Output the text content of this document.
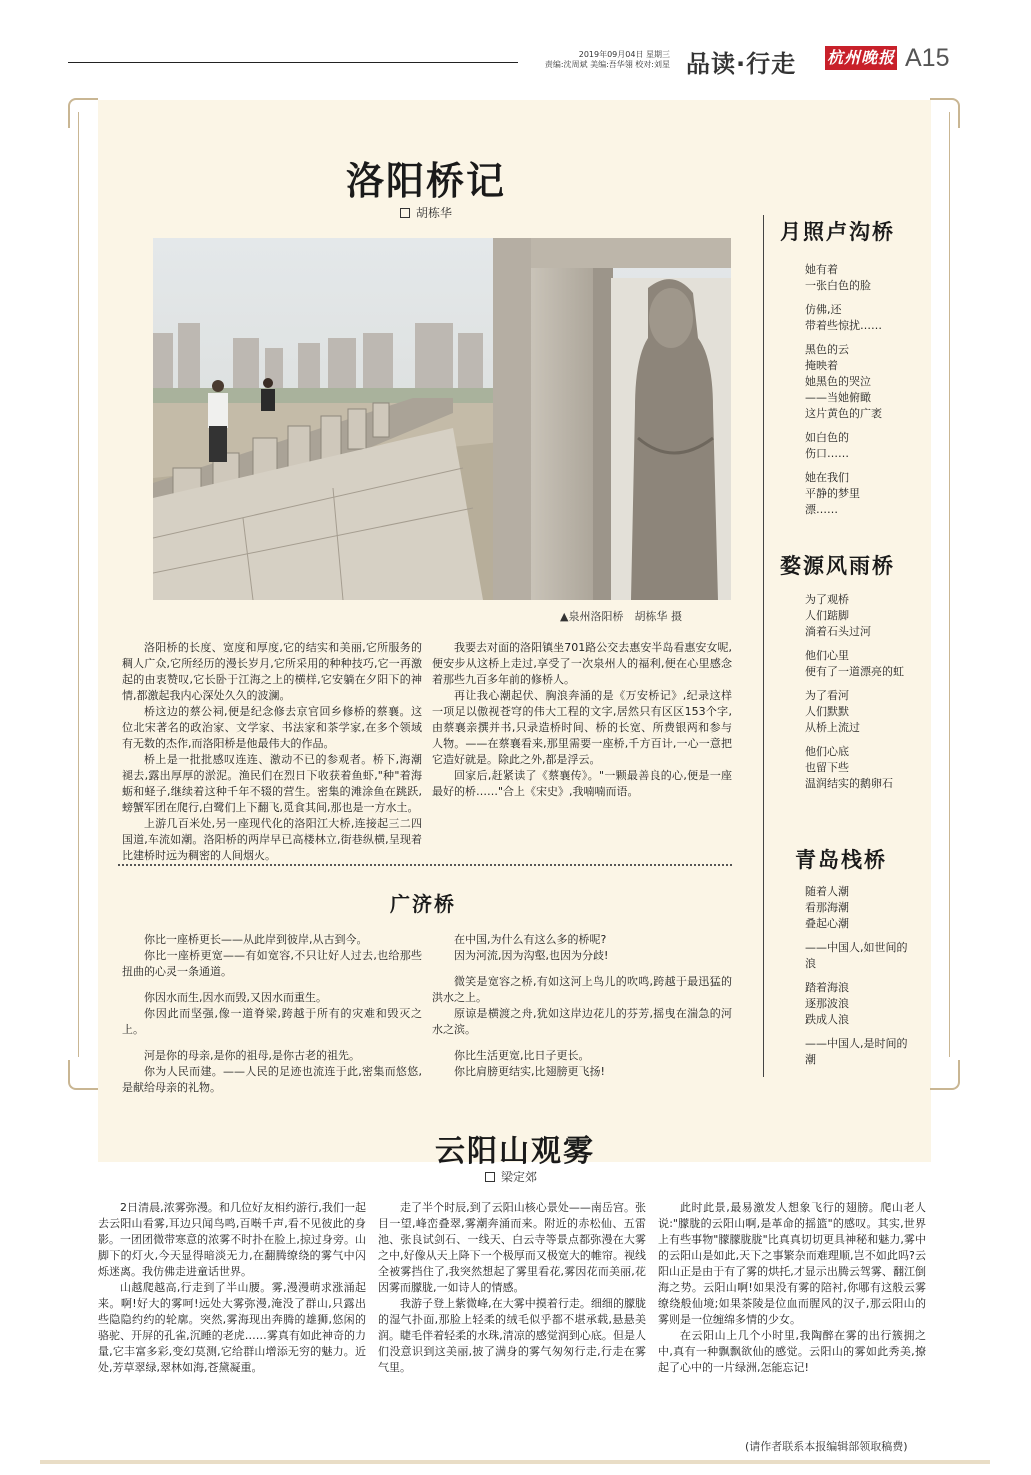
2019年09月04日 星期三
责编:沈周斌 美编:吾华翎 校对:刘星 品读·行走 杭州晚报 A15
洛阳桥记
胡栋华
▲泉州洛阳桥　胡栋华 摄

洛阳桥的长度、宽度和厚度,它的结实和美丽,它所服务的稠人广众,它所经历的漫长岁月,它所采用的种种技巧,它一再激起的由衷赞叹,它长卧于江海之上的横样,它安躺在夕阳下的神情,都激起我内心深处久久的波澜。

桥这边的蔡公祠,便是纪念修去京官回乡修桥的蔡襄。这位北宋著名的政治家、文学家、书法家和茶学家,在多个领域有无数的杰作,而洛阳桥是他最伟大的作品。

桥上是一批批感叹连连、激动不已的参观者。桥下,海潮褪去,露出厚厚的淤泥。渔民们在烈日下收获着鱼虾,"种"着海蛎和蛏子,继续着这种千年不辍的营生。密集的滩涂鱼在跳跃,螃蟹军团在爬行,白鹭们上下翻飞,觅食其间,那也是一方水土。

上游几百米处,另一座现代化的洛阳江大桥,连接起三二四国道,车流如潮。洛阳桥的两岸早已高楼林立,街巷纵横,呈现着比建桥时远为稠密的人间烟火。

我要去对面的洛阳镇坐701路公交去惠安半岛看惠安女呢,便安步从这桥上走过,享受了一次泉州人的福利,便在心里感念着那些九百多年前的修桥人。

再让我心潮起伏、胸浪奔涌的是《万安桥记》,纪录这样一项足以傲视苍穹的伟大工程的文字,居然只有区区153个字,由蔡襄亲撰并书,只录造桥时间、桥的长宽、所费银两和参与人物。——在蔡襄看来,那里需要一座桥,千方百计,一心一意把它造好就是。除此之外,都是浮云。

回家后,赶紧读了《蔡襄传》。"一颗最善良的心,便是一座最好的桥……"合上《宋史》,我喃喃而语。

广济桥

你比一座桥更长——从此岸到彼岸,从古到今。

你比一座桥更宽——有如宽容,不只让好人过去,也给那些扭曲的心灵一条通道。

你因水而生,因水而毁,又因水而重生。

你因此而坚强,像一道脊梁,跨越于所有的灾难和毁灭之上。

河是你的母亲,是你的祖母,是你古老的祖先。

你为人民而建。——人民的足迹也流连于此,密集而悠悠,是献给母亲的礼物。

在中国,为什么有这么多的桥呢?

因为河流,因为沟壑,也因为分歧!

微笑是宽容之桥,有如这河上鸟儿的吹鸣,跨越于最迅猛的洪水之上。

原谅是横渡之舟,犹如这岸边花儿的芬芳,摇曳在湍急的河水之滨。

你比生活更宽,比日子更长。

你比肩膀更结实,比翅膀更飞扬!

月照卢沟桥
她有着
一张白色的脸
仿佛,还
带着些惊扰……
黑色的云
掩映着
她黑色的哭泣
——当她俯瞰
这片黄色的广袤
如白色的
伤口……
她在我们
平静的梦里
漂……
婺源风雨桥
为了观桥
人们踮脚
淌着石头过河
他们心里
便有了一道漂亮的虹
为了看河
人们默默
从桥上流过
他们心底
也留下些
温润结实的鹅卵石
青岛栈桥
随着人潮
看那海潮
叠起心潮
——中国人,如世间的浪
踏着海浪
逐那波浪
跌成人浪
——中国人,是时间的潮
云阳山观雾
梁定郊

2日清晨,浓雾弥漫。和几位好友相约游行,我们一起去云阳山看雾,耳边只闻鸟鸣,百啭千声,看不见彼此的身影。一团团微带寒意的浓雾不时扑在脸上,掠过身旁。山脚下的灯火,今天显得暗淡无力,在翻腾缭绕的雾气中闪烁迷离。我仿佛走进童话世界。

山越爬越高,行走到了半山腰。雾,漫漫萌求涨涌起来。啊!好大的雾呵!远处大雾弥漫,淹没了群山,只露出些隐隐约约的轮廓。突然,雾海现出奔腾的雄狮,悠闲的骆驼、开屏的孔雀,沉睡的老虎……雾真有如此神奇的力量,它丰富多彩,变幻莫测,它给群山增添无穷的魅力。近处,芳草翠绿,翠林如海,苍黛凝重。

走了半个时辰,到了云阳山核心景处——南岳宫。张目一望,峰峦叠翠,雾潮奔涌而来。附近的赤松仙、五雷池、张良试剑石、一线天、白云寺等景点都弥漫在大雾之中,好像从天上降下一个极厚而又极宽大的帷帘。视线全被雾挡住了,我突然想起了雾里看花,雾因花而美丽,花因雾而朦胧,一如诗人的情感。

我游子登上紫微峰,在大雾中摸着行走。细细的朦胧的湿气扑面,那脸上轻柔的绒毛似乎都不堪承载,悬悬美润。睫毛伴着轻柔的水珠,清凉的感觉润到心底。但是人们没意识到这美丽,披了满身的雾气匆匆行走,行走在雾气里。

此时此景,最易激发人想象飞行的翅膀。爬山老人说:"朦胧的云阳山啊,是革命的摇篮"的感叹。其实,世界上有些事物"朦朦胧胧"比真真切切更具神秘和魅力,雾中的云阳山是如此,天下之事繁杂而难理顺,岂不如此吗?云阳山正是由于有了雾的烘托,才显示出腾云驾雾、翻江倒海之势。云阳山啊!如果没有雾的陪衬,你哪有这般云雾缭绕般仙境;如果茶陵是位血而腥风的汉子,那云阳山的雾则是一位缠绵多情的少女。

在云阳山上几个小时里,我陶醉在雾的出行簇拥之中,真有一种飘飘欲仙的感觉。云阳山的雾如此秀美,撩起了心中的一片绿洲,怎能忘记!

(请作者联系本报编辑部领取稿费)
